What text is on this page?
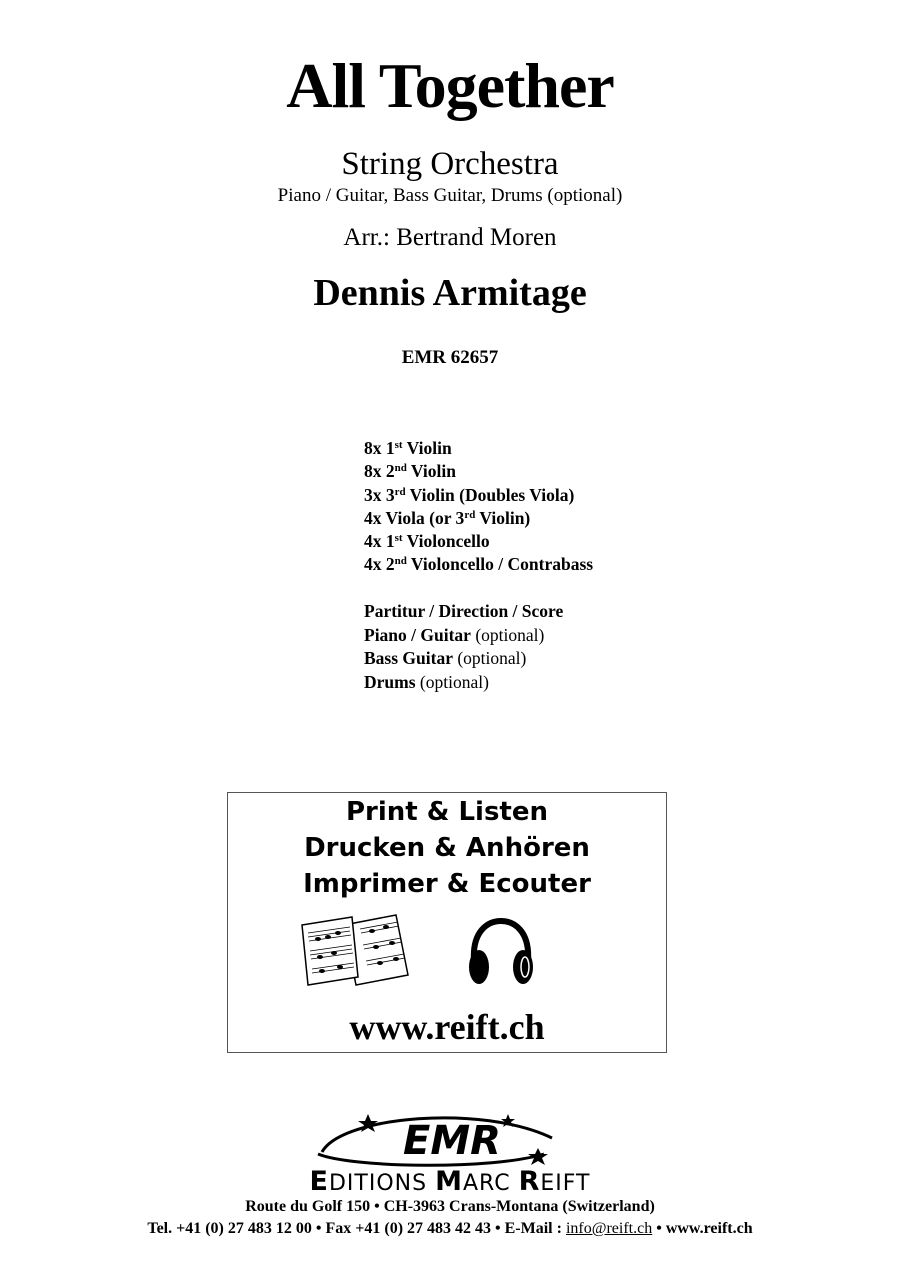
All Together
String Orchestra
Piano / Guitar, Bass Guitar, Drums (optional)
Arr.: Bertrand Moren
Dennis Armitage
EMR 62657
8x 1st Violin
8x 2nd Violin
3x 3rd Violin (Doubles Viola)
4x Viola (or 3rd Violin)
4x 1st Violoncello
4x 2nd Violoncello / Contrabass
Partitur / Direction / Score
Piano / Guitar (optional)
Bass Guitar (optional)
Drums (optional)
Print & Listen
Drucken & Anhören
Imprimer & Ecouter
www.reift.ch
EMR
EDITIONS MARC REIFT
Route du Golf 150 • CH-3963 Crans-Montana (Switzerland)
Tel. +41 (0) 27 483 12 00 • Fax +41 (0) 27 483 42 43 • E-Mail : info@reift.ch • www.reift.ch
